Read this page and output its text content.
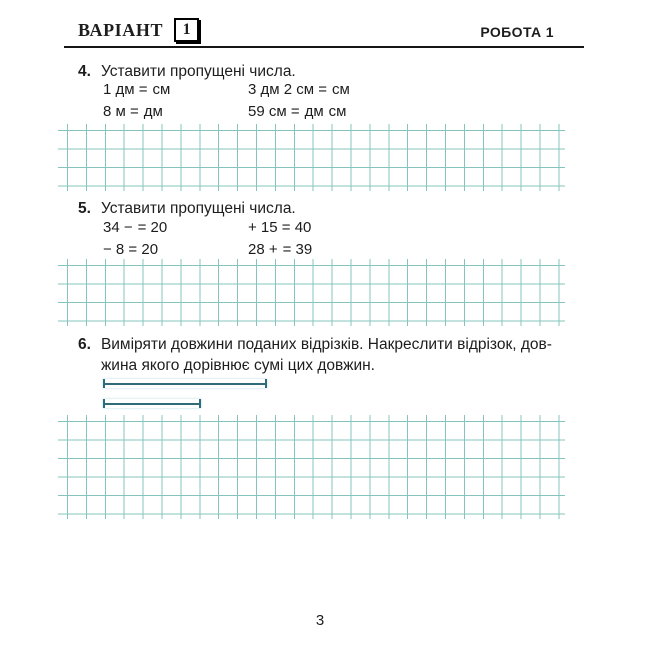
ВАРІАНТ	1	РОБОТА 1
4. Уставити пропущені числа.
1 дм = см
8 м = дм
3 дм 2 см = см
59 см = дм см
5. Уставити пропущені числа.
34 − = 20
− 8 = 20
+ 15 = 40
28 + = 39
6. Виміряти довжини поданих відрізків. Накреслити відрізок, дов-
жина якого дорівнює сумі цих довжин.
3
